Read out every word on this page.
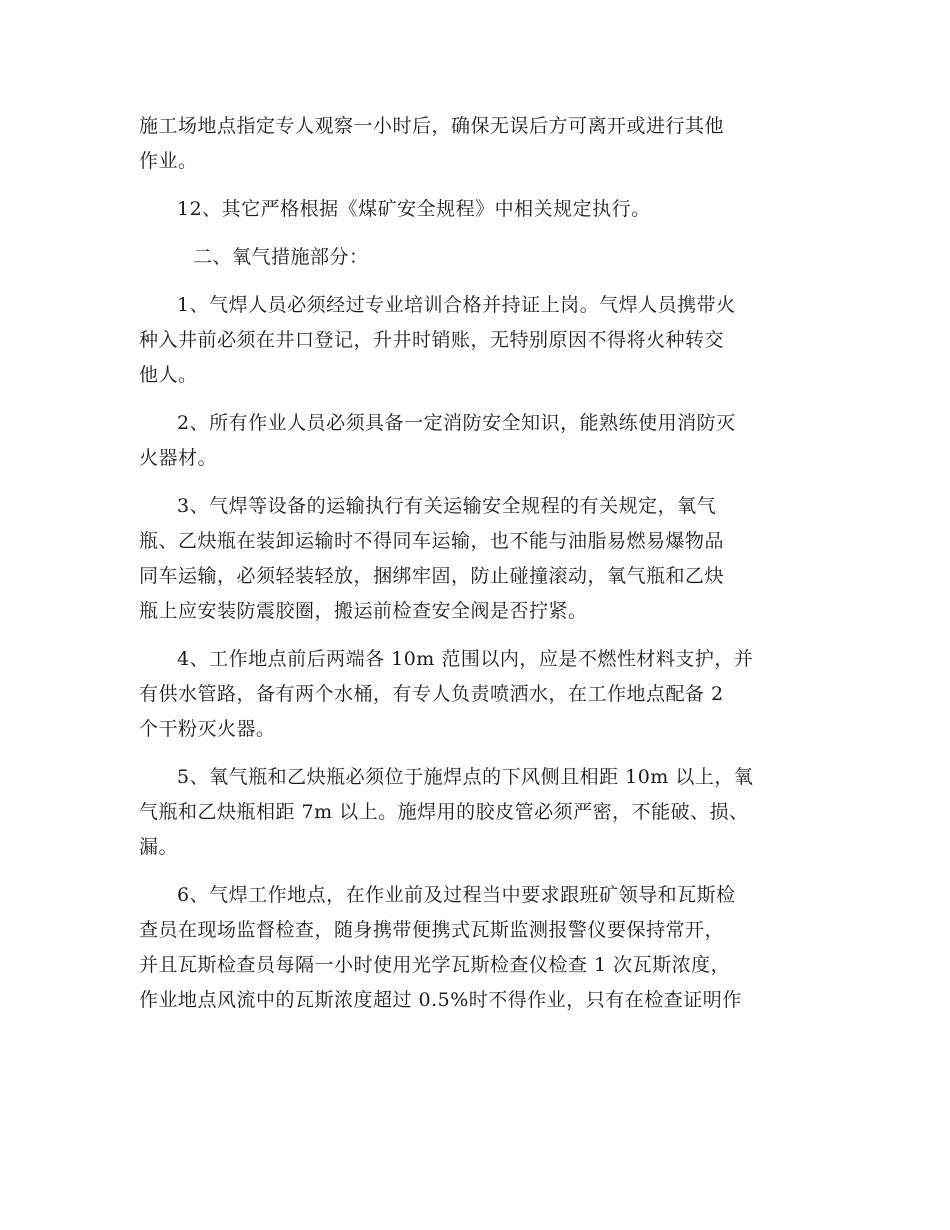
施工场地点指定专人观察一小时后，确保无误后方可离开或进行其他
作业。

12、其它严格根据《煤矿安全规程》中相关规定执行。

二、氧气措施部分：

1、气焊人员必须经过专业培训合格并持证上岗。气焊人员携带火
种入井前必须在井口登记，升井时销账，无特别原因不得将火种转交
他人。

2、所有作业人员必须具备一定消防安全知识，能熟练使用消防灭
火器材。

3、气焊等设备的运输执行有关运输安全规程的有关规定，氧气
瓶、乙炔瓶在装卸运输时不得同车运输，也不能与油脂易燃易爆物品
同车运输，必须轻装轻放，捆绑牢固，防止碰撞滚动，氧气瓶和乙炔
瓶上应安装防震胶圈，搬运前检查安全阀是否拧紧。

4、工作地点前后两端各 10m 范围以内，应是不燃性材料支护，并
有供水管路，备有两个水桶，有专人负责喷洒水，在工作地点配备 2
个干粉灭火器。

5、氧气瓶和乙炔瓶必须位于施焊点的下风侧且相距 10m 以上，氧
气瓶和乙炔瓶相距 7m 以上。施焊用的胶皮管必须严密，不能破、损、
漏。

6、气焊工作地点，在作业前及过程当中要求跟班矿领导和瓦斯检
查员在现场监督检查，随身携带便携式瓦斯监测报警仪要保持常开，
并且瓦斯检查员每隔一小时使用光学瓦斯检查仪检查 1 次瓦斯浓度，
作业地点风流中的瓦斯浓度超过 0.5%时不得作业，只有在检查证明作
